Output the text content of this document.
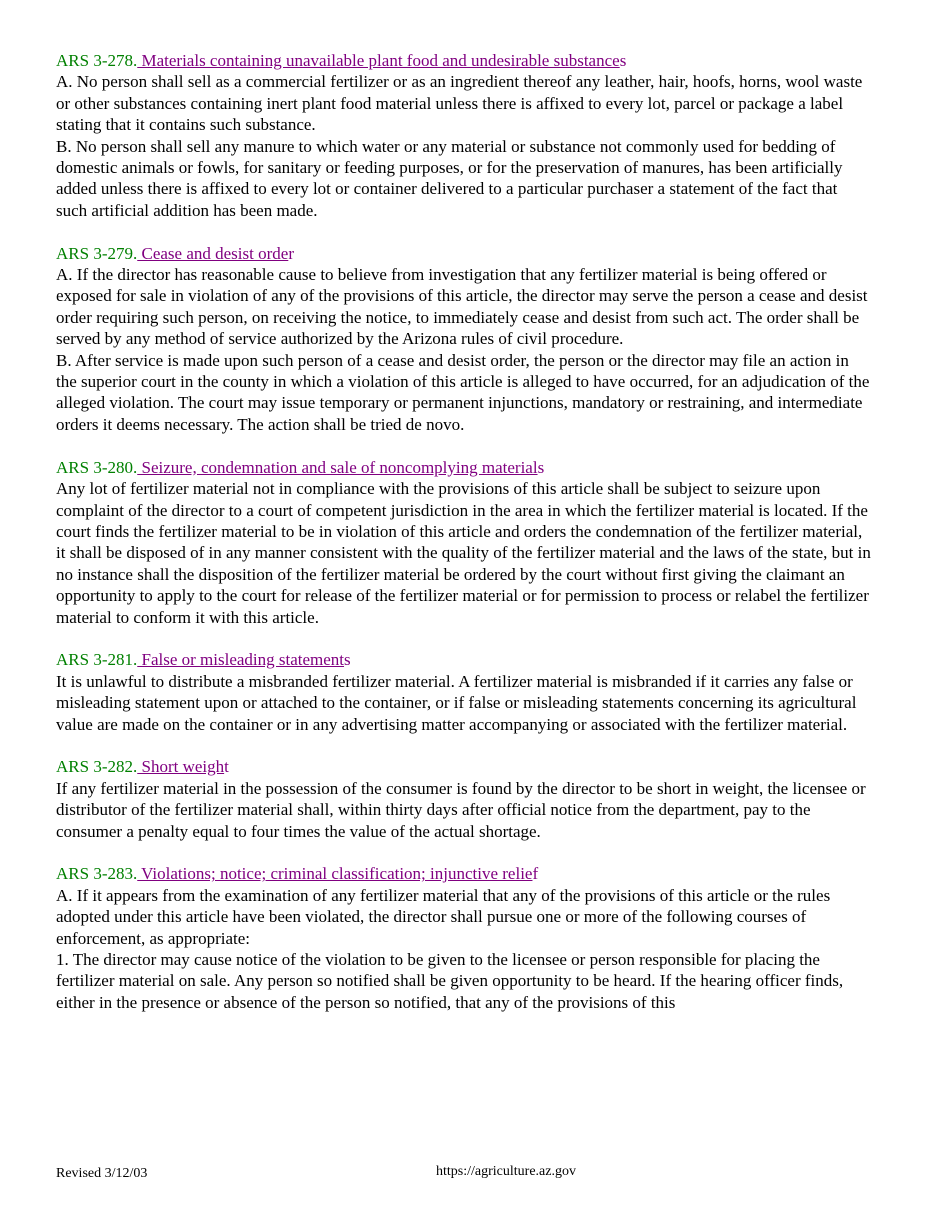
ARS 3-278. Materials containing unavailable plant food and undesirable substances

A. No person shall sell as a commercial fertilizer or as an ingredient thereof any leather, hair, hoofs, horns, wool waste or other substances containing inert plant food material unless there is affixed to every lot, parcel or package a label stating that it contains such substance.

B. No person shall sell any manure to which water or any material or substance not commonly used for bedding of domestic animals or fowls, for sanitary or feeding purposes, or for the preservation of manures, has been artificially added unless there is affixed to every lot or container delivered to a particular purchaser a statement of the fact that such artificial addition has been made.

ARS 3-279. Cease and desist order

A. If the director has reasonable cause to believe from investigation that any fertilizer material is being offered or exposed for sale in violation of any of the provisions of this article, the director may serve the person a cease and desist order requiring such person, on receiving the notice, to immediately cease and desist from such act. The order shall be served by any method of service authorized by the Arizona rules of civil procedure.

B. After service is made upon such person of a cease and desist order, the person or the director may file an action in the superior court in the county in which a violation of this article is alleged to have occurred, for an adjudication of the alleged violation. The court may issue temporary or permanent injunctions, mandatory or restraining, and intermediate orders it deems necessary. The action shall be tried de novo.

ARS 3-280. Seizure, condemnation and sale of noncomplying materials

Any lot of fertilizer material not in compliance with the provisions of this article shall be subject to seizure upon complaint of the director to a court of competent jurisdiction in the area in which the fertilizer material is located. If the court finds the fertilizer material to be in violation of this article and orders the condemnation of the fertilizer material, it shall be disposed of in any manner consistent with the quality of the fertilizer material and the laws of the state, but in no instance shall the disposition of the fertilizer material be ordered by the court without first giving the claimant an opportunity to apply to the court for release of the fertilizer material or for permission to process or relabel the fertilizer material to conform it with this article.

ARS 3-281. False or misleading statements

It is unlawful to distribute a misbranded fertilizer material. A fertilizer material is misbranded if it carries any false or misleading statement upon or attached to the container, or if false or misleading statements concerning its agricultural value are made on the container or in any advertising matter accompanying or associated with the fertilizer material.

ARS 3-282. Short weight

If any fertilizer material in the possession of the consumer is found by the director to be short in weight, the licensee or distributor of the fertilizer material shall, within thirty days after official notice from the department, pay to the consumer a penalty equal to four times the value of the actual shortage.

ARS 3-283. Violations; notice; criminal classification; injunctive relief

A. If it appears from the examination of any fertilizer material that any of the provisions of this article or the rules adopted under this article have been violated, the director shall pursue one or more of the following courses of enforcement, as appropriate:

1. The director may cause notice of the violation to be given to the licensee or person responsible for placing the fertilizer material on sale. Any person so notified shall be given opportunity to be heard. If the hearing officer finds, either in the presence or absence of the person so notified, that any of the provisions of this

Revised 3/12/03	https://agriculture.az.gov
